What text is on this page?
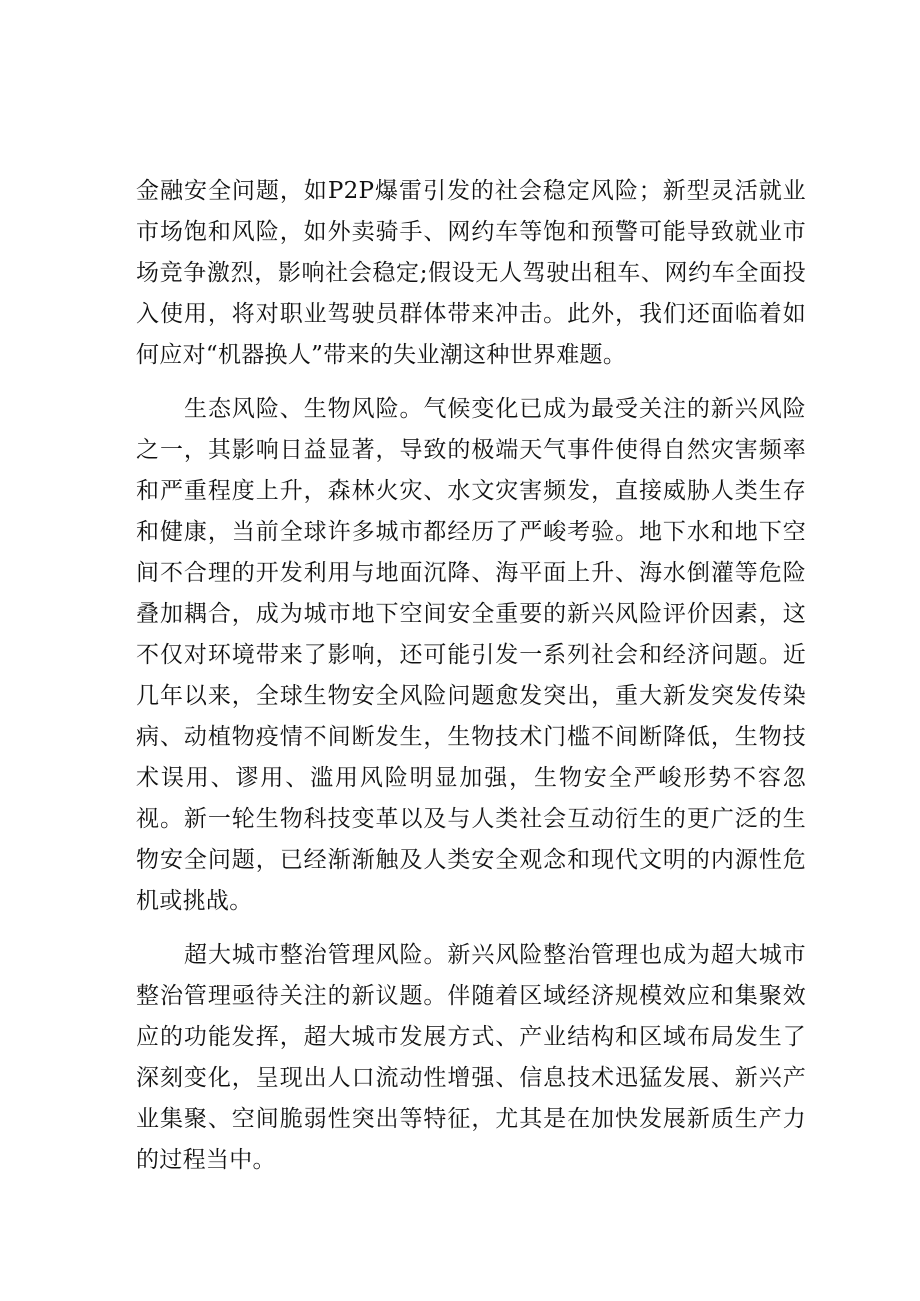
金融安全问题，如P2P爆雷引发的社会稳定风险；新型灵活就业市场饱和风险，如外卖骑手、网约车等饱和预警可能导致就业市场竞争激烈，影响社会稳定;假设无人驾驶出租车、网约车全面投入使用，将对职业驾驶员群体带来冲击。此外，我们还面临着如何应对“机器换人”带来的失业潮这种世界难题。

生态风险、生物风险。气候变化已成为最受关注的新兴风险之一，其影响日益显著，导致的极端天气事件使得自然灾害频率和严重程度上升，森林火灾、水文灾害频发，直接威胁人类生存和健康，当前全球许多城市都经历了严峻考验。地下水和地下空间不合理的开发利用与地面沉降、海平面上升、海水倒灌等危险叠加耦合，成为城市地下空间安全重要的新兴风险评价因素，这不仅对环境带来了影响，还可能引发一系列社会和经济问题。近几年以来，全球生物安全风险问题愈发突出，重大新发突发传染病、动植物疫情不间断发生，生物技术门槛不间断降低，生物技术误用、谬用、滥用风险明显加强，生物安全严峻形势不容忽视。新一轮生物科技变革以及与人类社会互动衍生的更广泛的生物安全问题，已经渐渐触及人类安全观念和现代文明的内源性危机或挑战。

超大城市整治管理风险。新兴风险整治管理也成为超大城市整治管理亟待关注的新议题。伴随着区域经济规模效应和集聚效应的功能发挥，超大城市发展方式、产业结构和区域布局发生了深刻变化，呈现出人口流动性增强、信息技术迅猛发展、新兴产业集聚、空间脆弱性突出等特征，尤其是在加快发展新质生产力的过程当中。
